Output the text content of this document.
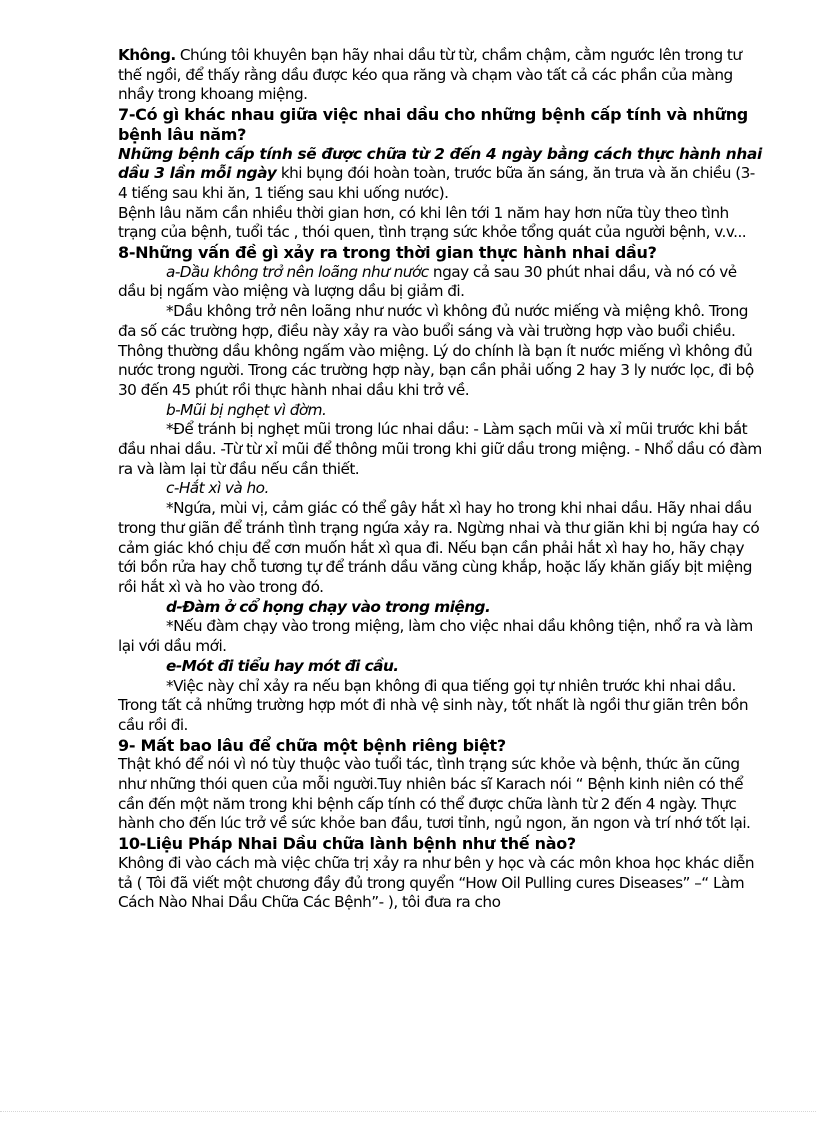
Không. Chúng tôi khuyên bạn hãy nhai dầu từ từ, chầm chậm, cằm ngước lên trong tư thế ngồi, để thấy rằng dầu được kéo qua răng và chạm vào tất cả các phần của màng nhầy trong khoang miệng.

7-Có gì khác nhau giữa việc nhai dầu cho những bệnh cấp tính và những bệnh lâu năm?

Những bệnh cấp tính sẽ được chữa từ 2 đến 4 ngày bằng cách thực hành nhai dầu 3 lần mỗi ngày khi bụng đói hoàn toàn, trước bữa ăn sáng, ăn trưa và ăn chiều (3- 4 tiếng sau khi ăn, 1 tiếng sau khi uống nước).

Bệnh lâu năm cần nhiều thời gian hơn, có khi lên tới 1 năm hay hơn nữa tùy theo tình trạng của bệnh, tuổi tác , thói quen, tình trạng sức khỏe tổng quát của người bệnh, v.v...

8-Những vấn đề gì xảy ra trong thời gian thực hành nhai dầu?

a-Dầu không trở nên loãng như nước ngay cả sau 30 phút nhai dầu, và nó có vẻ dầu bị ngấm vào miệng và lượng dầu bị giảm đi.

*Dầu không trở nên loãng như nước vì không đủ nước miếng và miệng khô. Trong đa số các trường hợp, điều này xảy ra vào buổi sáng và vài trường hợp vào buổi chiều. Thông thường dầu không ngấm vào miệng. Lý do chính là bạn ít nước miếng vì không đủ nước trong người. Trong các trường hợp này, bạn cần phải uống 2 hay 3 ly nước lọc, đi bộ 30 đến 45 phút rồi thực hành nhai dầu khi trở về.

b-Mũi bị nghẹt vì đờm.

*Để tránh bị nghẹt mũi trong lúc nhai dầu: - Làm sạch mũi và xỉ mũi trước khi bắt đầu nhai dầu. -Từ từ xỉ mũi để thông mũi trong khi giữ dầu trong miệng. - Nhổ dầu có đàm ra và làm lại từ đầu nếu cần thiết.

c-Hắt xì và ho.

*Ngứa, mùi vị, cảm giác có thể gây hắt xì hay ho trong khi nhai dầu. Hãy nhai dầu trong thư giãn để tránh tình trạng ngứa xảy ra. Ngừng nhai và thư giãn khi bị ngứa hay có cảm giác khó chịu để cơn muốn hắt xì qua đi. Nếu bạn cần phải hắt xì hay ho, hãy chạy tới bồn rửa hay chỗ tương tự để tránh dầu văng cùng khắp, hoặc lấy khăn giấy bịt miệng rồi hắt xì và ho vào trong đó.

d-Đàm ở cổ họng chạy vào trong miệng.

*Nếu đàm chạy vào trong miệng, làm cho việc nhai dầu không tiện, nhổ ra và làm lại với dầu mới.

e-Mót đi tiểu hay mót đi cầu.

*Việc này chỉ xảy ra nếu bạn không đi qua tiếng gọi tự nhiên trước khi nhai dầu. Trong tất cả những trường hợp mót đi nhà vệ sinh này, tốt nhất là ngồi thư giãn trên bồn cầu rồi đi.

9- Mất bao lâu để chữa một bệnh riêng biệt?

Thật khó để nói vì nó tùy thuộc vào tuổi tác, tình trạng sức khỏe và bệnh, thức ăn cũng như những thói quen của mỗi người.Tuy nhiên bác sĩ Karach nói “ Bệnh kinh niên có thể cần đến một năm trong khi bệnh cấp tính có thể được chữa lành từ 2 đến 4 ngày. Thực hành cho đến lúc trở về sức khỏe ban đầu, tươi tỉnh, ngủ ngon, ăn ngon và trí nhớ tốt lại.

10-Liệu Pháp Nhai Dầu chữa lành bệnh như thế nào?

Không đi vào cách mà việc chữa trị xảy ra như bên y học và các môn khoa học khác diễn tả ( Tôi đã viết một chương đầy đủ trong quyển “How Oil Pulling cures Diseases” –“ Làm Cách Nào Nhai Dầu Chữa Các Bệnh”- ), tôi đưa ra cho
